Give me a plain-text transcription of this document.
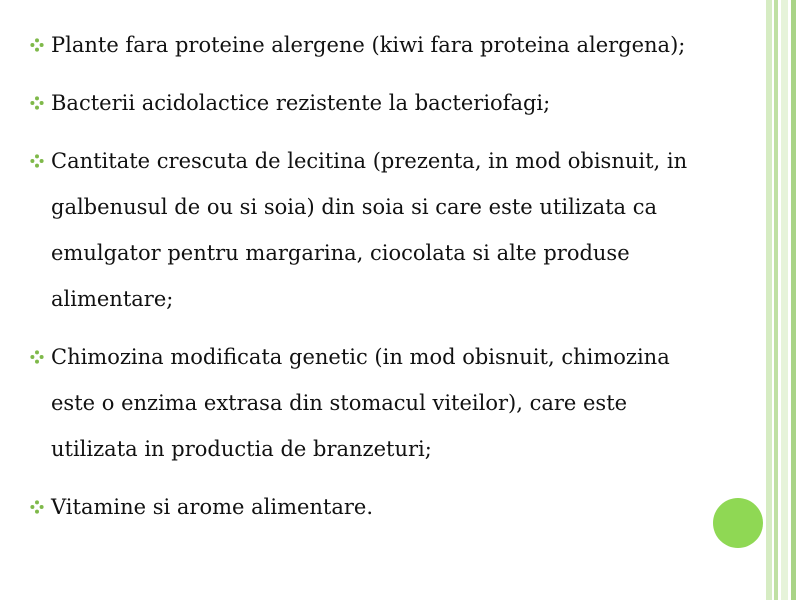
Plante fara proteine alergene (kiwi fara proteina alergena);
Bacterii acidolactice rezistente la bacteriofagi;
Cantitate crescuta de lecitina (prezenta, in mod obisnuit, in galbenusul de ou si soia) din soia si care este utilizata ca emulgator pentru margarina, ciocolata si alte produse alimentare;
Chimozina modificata genetic (in mod obisnuit, chimozina este o enzima extrasa din stomacul viteilor), care este utilizata in productia de branzeturi;
Vitamine si arome alimentare.
